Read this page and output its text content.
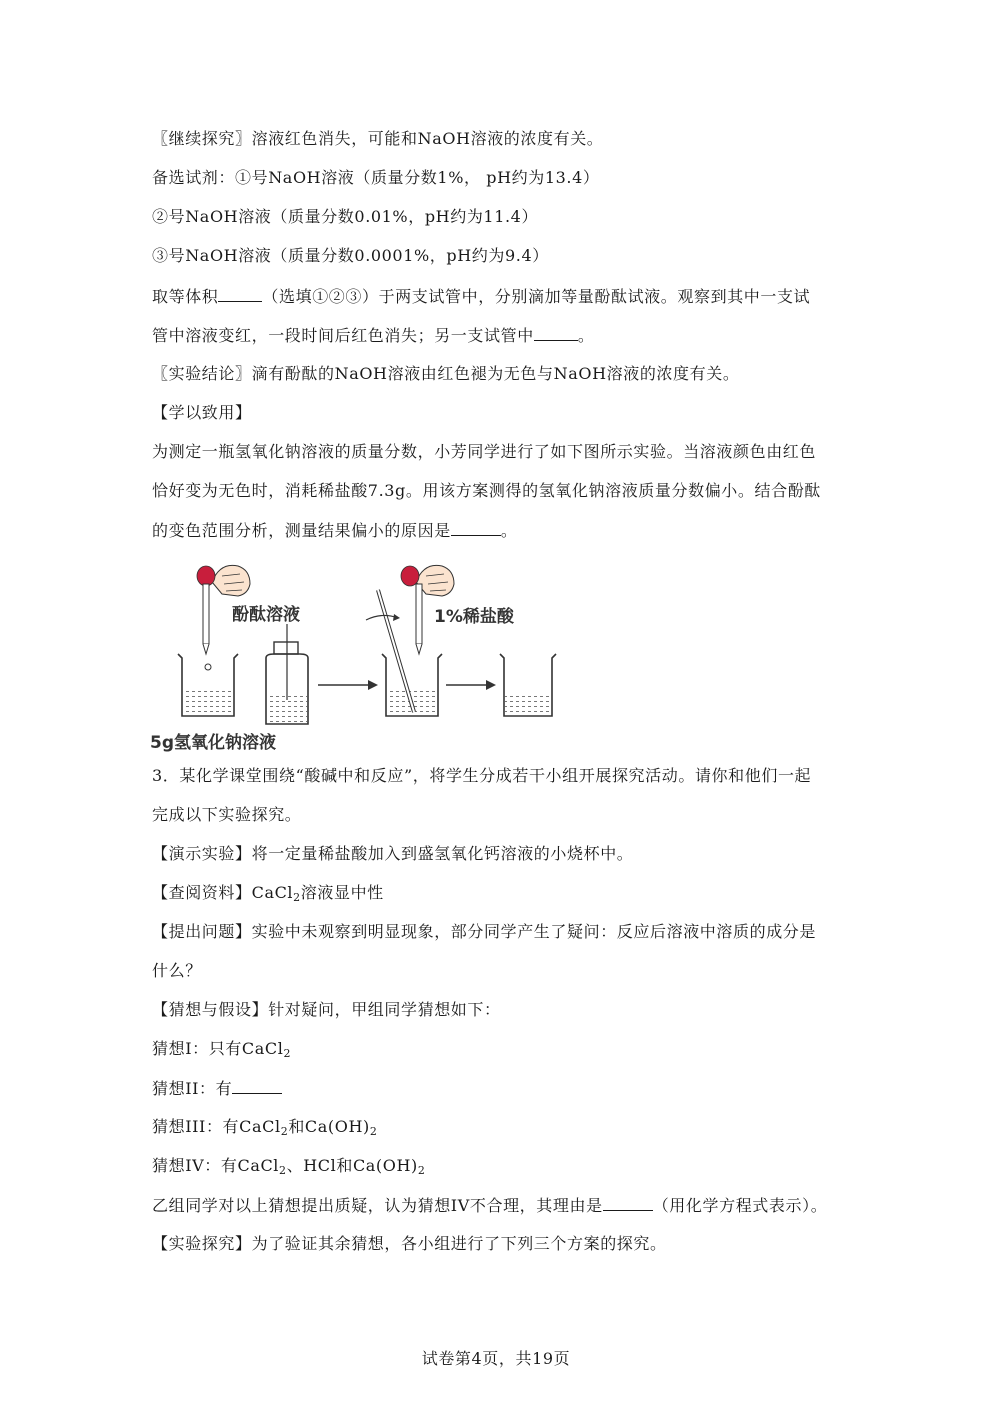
〖继续探究〗溶液红色消失，可能和NaOH溶液的浓度有关。
备选试剂：①号NaOH溶液（质量分数1%， pH约为13.4）
②号NaOH溶液（质量分数0.01%，pH约为11.4）
③号NaOH溶液（质量分数0.0001%，pH约为9.4）
取等体积	（选填①②③）于两支试管中，分别滴加等量酚酞试液。观察到其中一支试
管中溶液变红，一段时间后红色消失；另一支试管中	。
〖实验结论〗滴有酚酞的NaOH溶液由红色褪为无色与NaOH溶液的浓度有关。
【学以致用】
为测定一瓶氢氧化钠溶液的质量分数，小芳同学进行了如下图所示实验。当溶液颜色由红色
恰好变为无色时，消耗稀盐酸7.3g。用该方案测得的氢氧化钠溶液质量分数偏小。结合酚酞
的变色范围分析，测量结果偏小的原因是	。
酚酞溶液	1%稀盐酸
5g氢氧化钠溶液
3．某化学课堂围绕“酸碱中和反应”，将学生分成若干小组开展探究活动。请你和他们一起
完成以下实验探究。
【演示实验】将一定量稀盐酸加入到盛氢氧化钙溶液的小烧杯中。
【查阅资料】CaCl$_2$溶液显中性
【提出问题】实验中未观察到明显现象，部分同学产生了疑问：反应后溶液中溶质的成分是
什么？
【猜想与假设】针对疑问，甲组同学猜想如下：
猜想I：只有CaCl$_2$
猜想II：有
猜想III：有CaCl$_2$和$Ca(OH)_2$
猜想IV：有CaCl$_2$、HCl和$Ca(OH)_2$
乙组同学对以上猜想提出质疑，认为猜想IV不合理，其理由是	（用化学方程式表示）。
【实验探究】为了验证其余猜想，各小组进行了下列三个方案的探究。
试卷第4页，共19页
